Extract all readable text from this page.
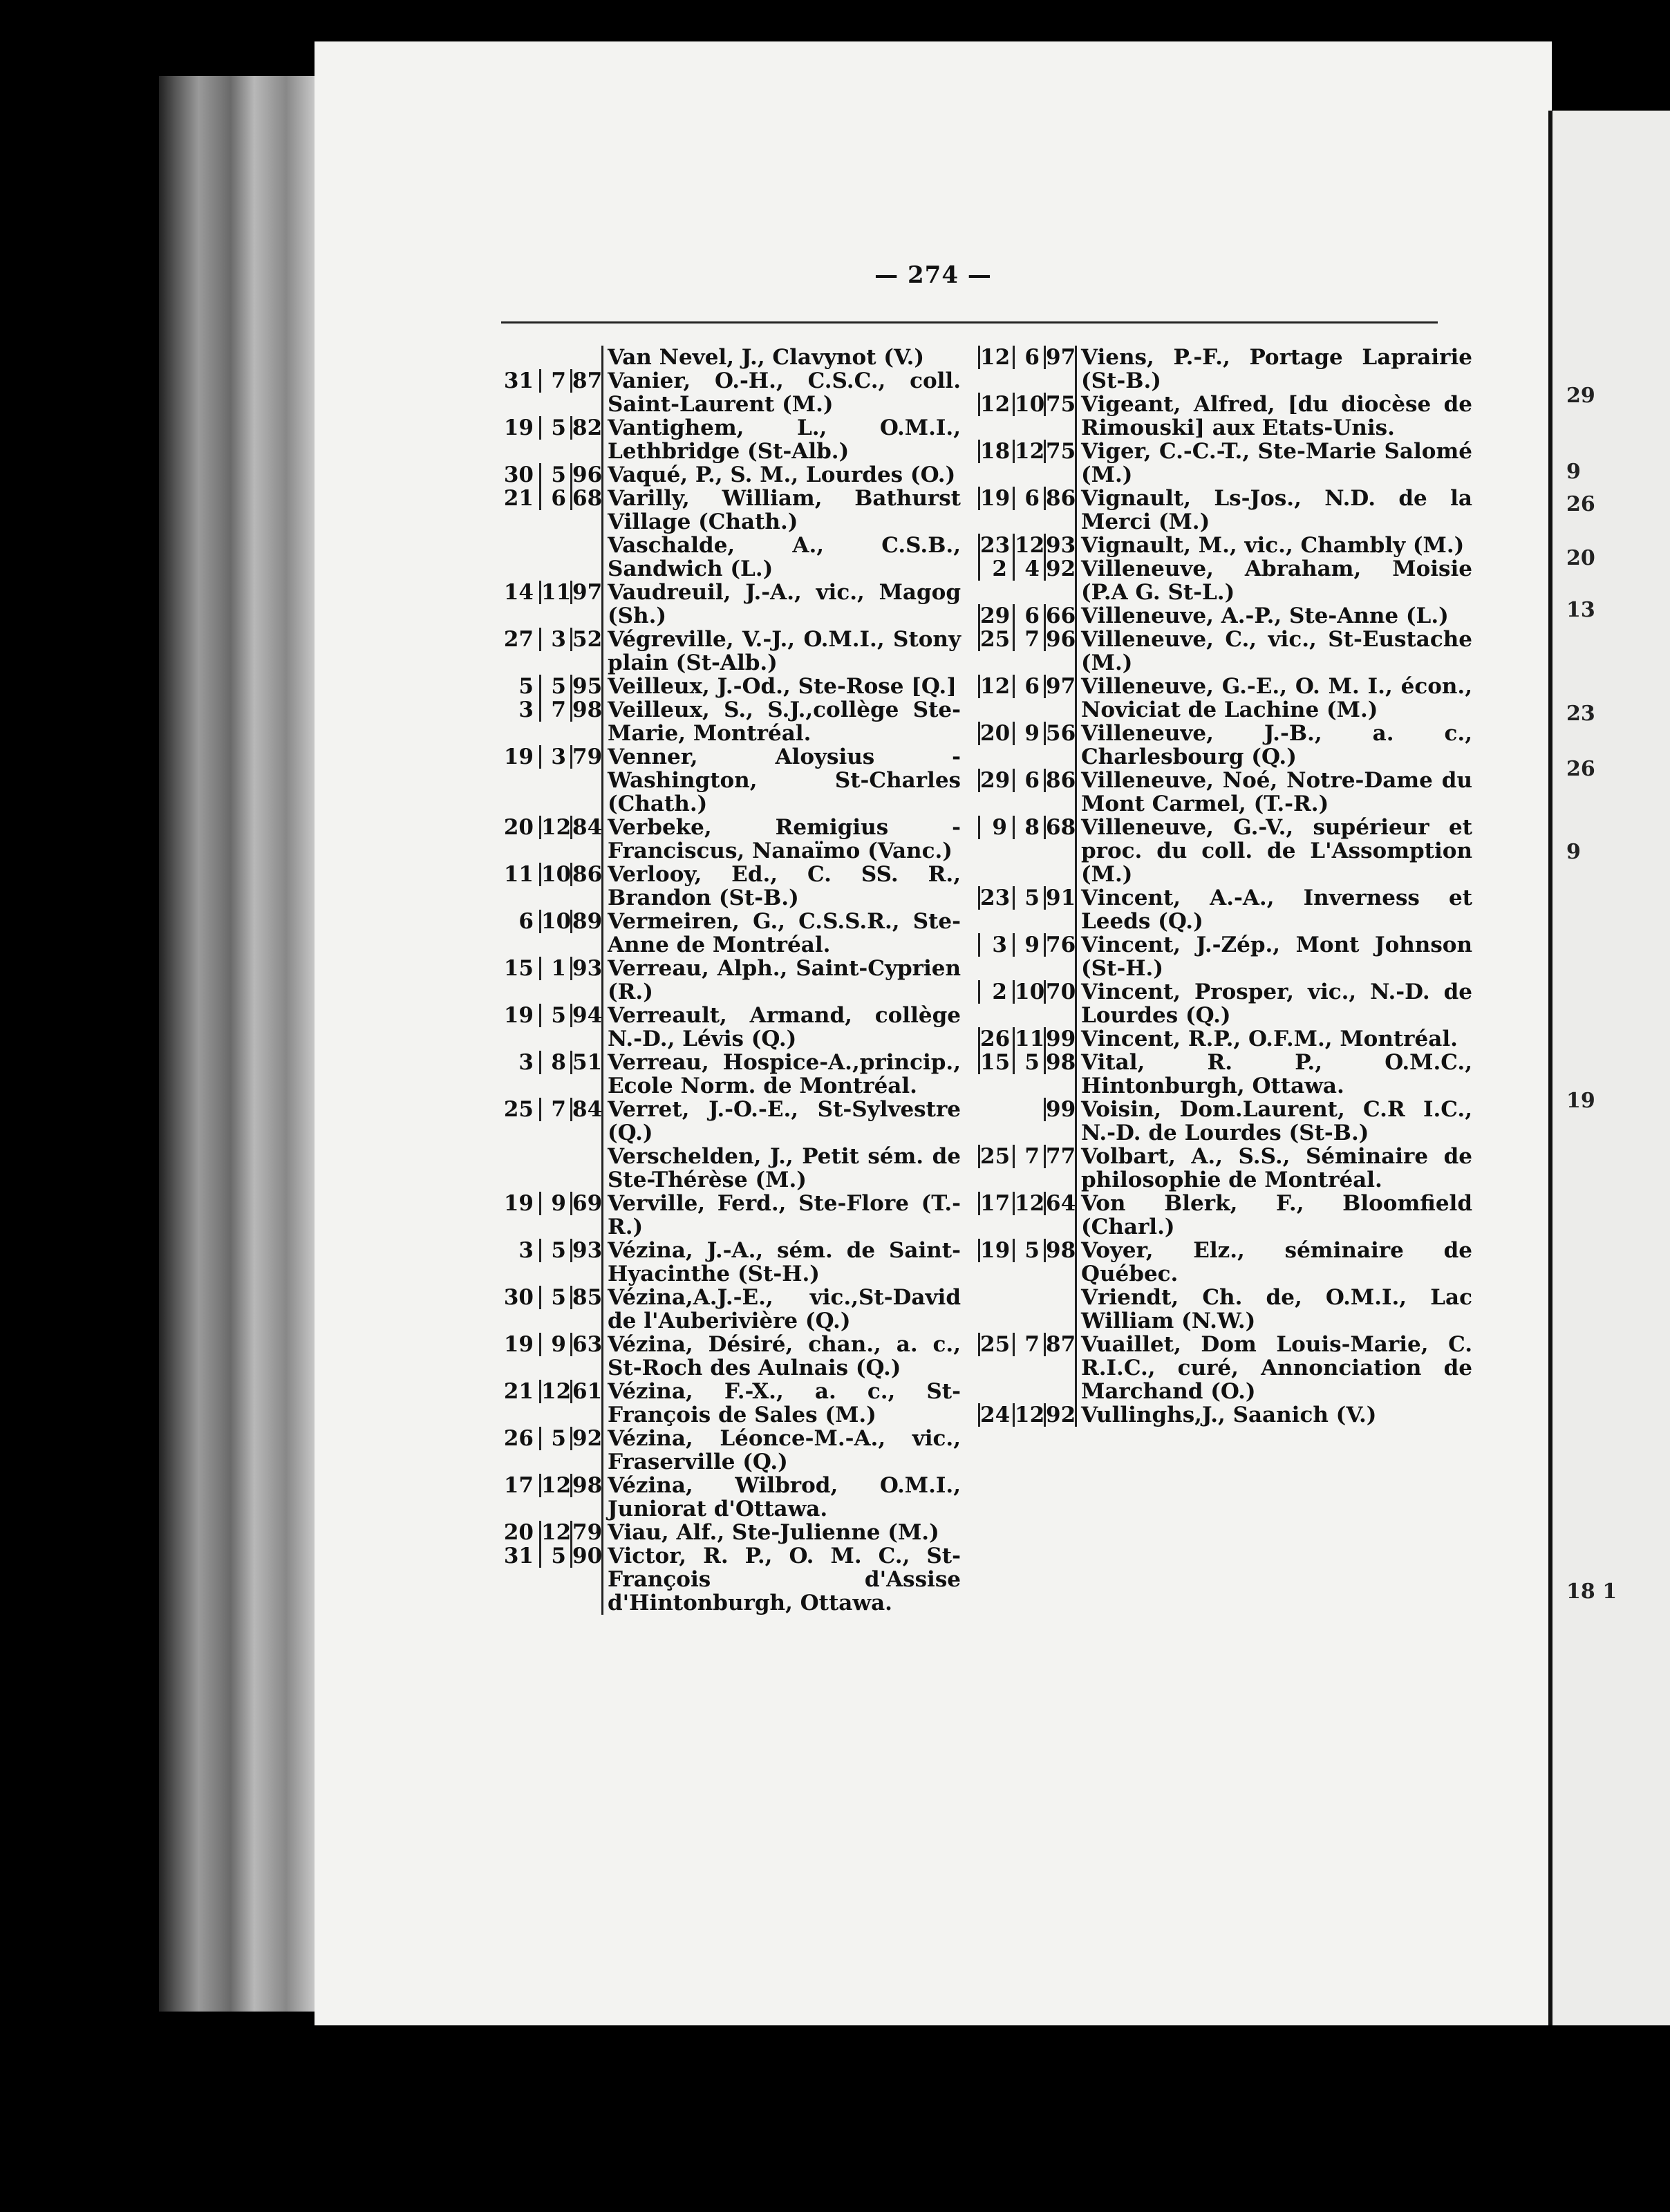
— 274 —
Van Nevel, J., Clavynot (V.)
31 7 87 Vanier, O.-H., C.S.C., coll. Saint-Laurent (M.)
19 5 82 Vantighem, L., O.M.I., Lethbridge (St-Alb.)
30 5 96 Vaqué, P., S. M., Lourdes (O.)
21 6 68 Varilly, William, Bathurst Village (Chath.)
Vaschalde, A., C.S.B., Sandwich (L.)
14 11 97 Vaudreuil, J.-A., vic., Magog (Sh.)
27 3 52 Végreville, V.-J., O.M.I., Stony plain (St-Alb.)
5 5 95 Veilleux, J.-Od., Ste-Rose [Q.]
3 7 98 Veilleux, S., S.J.,collège Ste-Marie, Montréal.
19 3 79 Venner, Aloysius - Washington, St-Charles (Chath.)
20 12 84 Verbeke, Remigius - Franciscus, Nanaïmo (Vanc.)
11 10 86 Verlooy, Ed., C. SS. R., Brandon (St-B.)
6 10 89 Vermeiren, G., C.S.S.R., Ste-Anne de Montréal.
15 1 93 Verreau, Alph., Saint-Cyprien (R.)
19 5 94 Verreault, Armand, collège N.-D., Lévis (Q.)
3 8 51 Verreau, Hospice-A.,princip., Ecole Norm. de Montréal.
25 7 84 Verret, J.-O.-E., St-Sylvestre (Q.)
Verschelden, J., Petit sém. de Ste-Thérèse (M.)
19 9 69 Verville, Ferd., Ste-Flore (T.-R.)
3 5 93 Vézina, J.-A., sém. de Saint-Hyacinthe (St-H.)
30 5 85 Vézina,A.J.-E., vic.,St-David de l'Auberivière (Q.)
19 9 63 Vézina, Désiré, chan., a. c., St-Roch des Aulnais (Q.)
21 12 61 Vézina, F.-X., a. c., St-François de Sales (M.)
26 5 92 Vézina, Léonce-M.-A., vic., Fraserville (Q.)
17 12 98 Vézina, Wilbrod, O.M.I., Juniorat d'Ottawa.
20 12 79 Viau, Alf., Ste-Julienne (M.)
31 5 90 Victor, R. P., O. M. C., St-François d'Assise d'Hintonburgh, Ottawa.
12 6 97 Viens, P.-F., Portage Laprairie (St-B.)
12 10 75 Vigeant, Alfred, [du diocèse de Rimouski] aux Etats-Unis.
18 12 75 Viger, C.-C.-T., Ste-Marie Salomé (M.)
19 6 86 Vignault, Ls-Jos., N.D. de la Merci (M.)
23 12 93 Vignault, M., vic., Chambly (M.)
2 4 92 Villeneuve, Abraham, Moisie (P.A G. St-L.)
29 6 66 Villeneuve, A.-P., Ste-Anne (L.)
25 7 96 Villeneuve, C., vic., St-Eustache (M.)
12 6 97 Villeneuve, G.-E., O. M. I., écon., Noviciat de Lachine (M.)
20 9 56 Villeneuve, J.-B., a. c., Charlesbourg (Q.)
29 6 86 Villeneuve, Noé, Notre-Dame du Mont Carmel, (T.-R.)
9 8 68 Villeneuve, G.-V., supérieur et proc. du coll. de L'Assomption (M.)
23 5 91 Vincent, A.-A., Inverness et Leeds (Q.)
3 9 76 Vincent, J.-Zép., Mont Johnson (St-H.)
2 10 70 Vincent, Prosper, vic., N.-D. de Lourdes (Q.)
26 11 99 Vincent, R.P., O.F.M., Montréal.
15 5 98 Vital, R. P., O.M.C., Hintonburgh, Ottawa.
99 Voisin, Dom.Laurent, C.R I.C., N.-D. de Lourdes (St-B.)
25 7 77 Volbart, A., S.S., Séminaire de philosophie de Montréal.
17 12 64 Von Blerk, F., Bloomfield (Charl.)
19 5 98 Voyer, Elz., séminaire de Québec.
Vriendt, Ch. de, O.M.I., Lac William (N.W.)
25 7 87 Vuaillet, Dom Louis-Marie, C. R.I.C., curé, Annonciation de Marchand (O.)
24 12 92 Vullinghs,J., Saanich (V.)
29
9
26
20
13
23
26
9
19
18 1
